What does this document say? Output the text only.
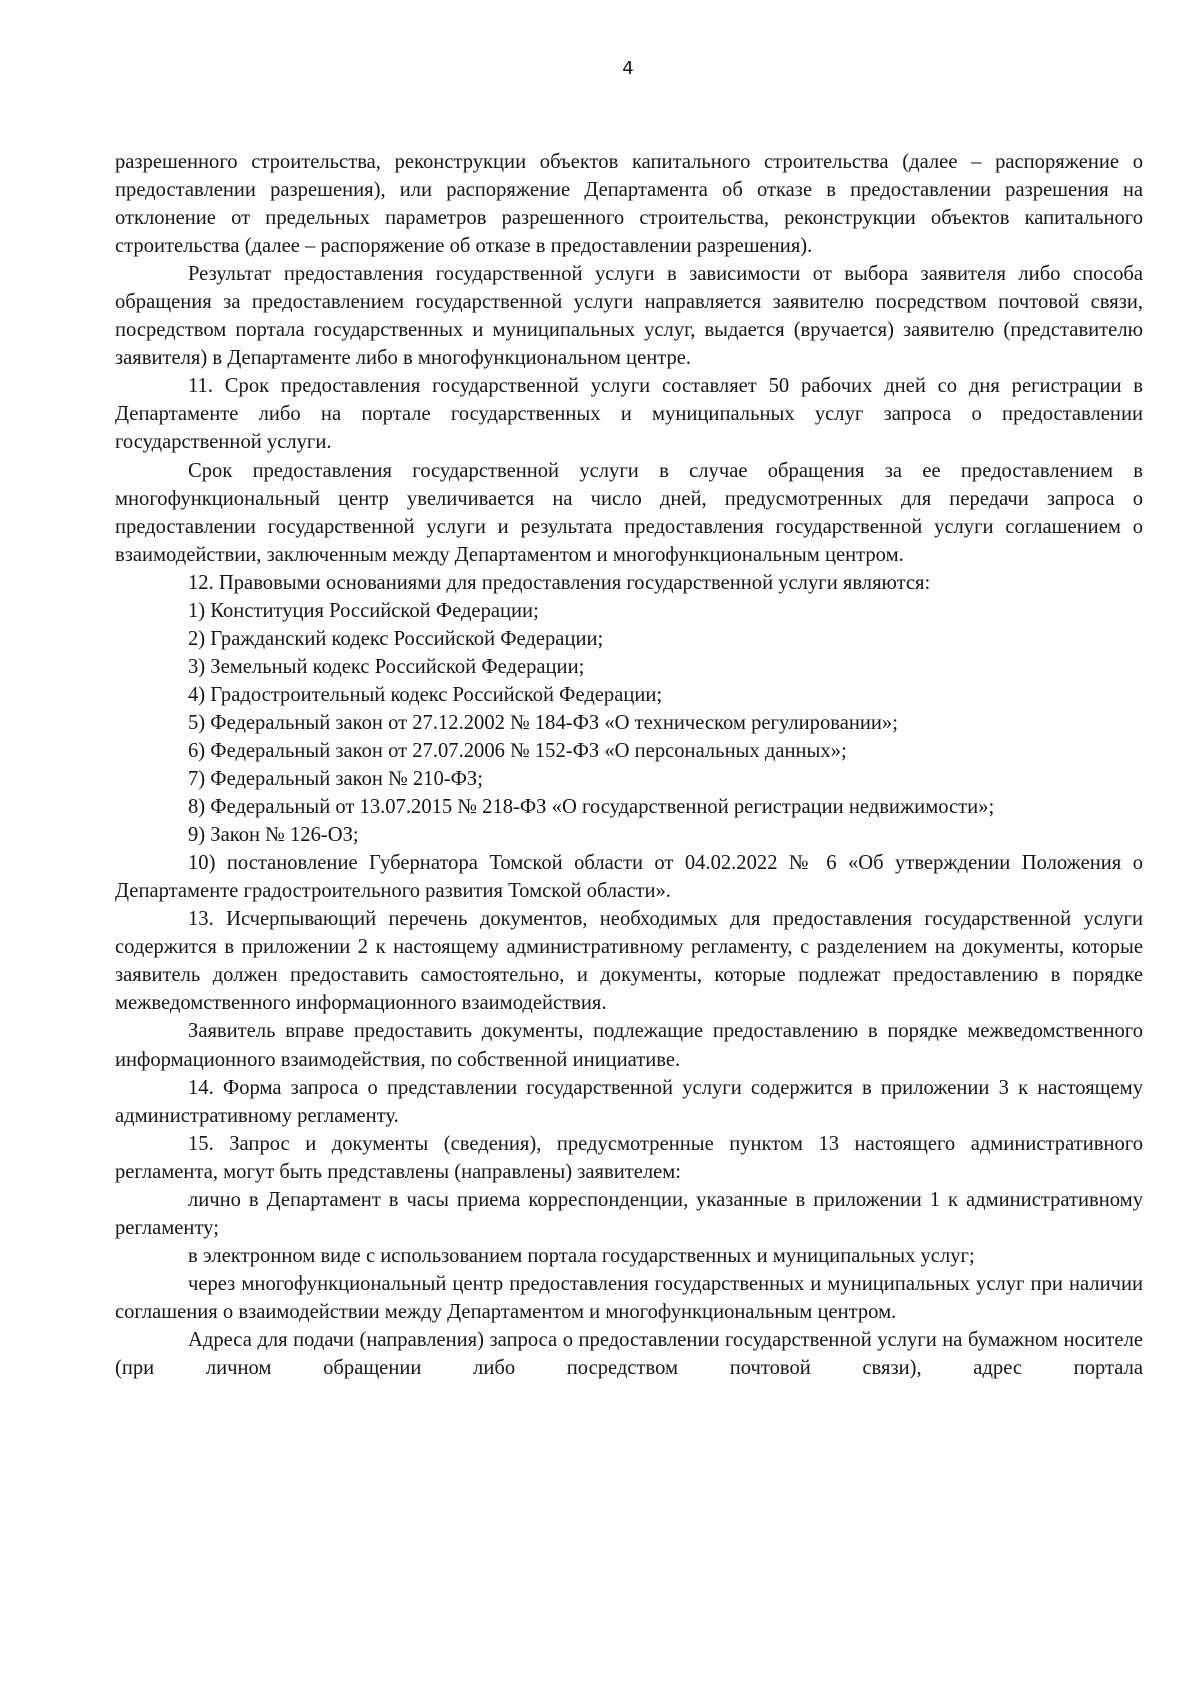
4

разрешенного строительства, реконструкции объектов капитального строительства (далее – распоряжение о предоставлении разрешения), или распоряжение Департамента об отказе в предоставлении разрешения на отклонение от предельных параметров разрешенного строительства, реконструкции объектов капитального строительства (далее – распоряжение об отказе в предоставлении разрешения).

Результат предоставления государственной услуги в зависимости от выбора заявителя либо способа обращения за предоставлением государственной услуги направляется заявителю посредством почтовой связи, посредством портала государственных и муниципальных услуг, выдается (вручается) заявителю (представителю заявителя) в Департаменте либо в многофункциональном центре.

11. Срок предоставления государственной услуги составляет 50 рабочих дней со дня регистрации в Департаменте либо на портале государственных и муниципальных услуг запроса о предоставлении государственной услуги.

Срок предоставления государственной услуги в случае обращения за ее предоставлением в многофункциональный центр увеличивается на число дней, предусмотренных для передачи запроса о предоставлении государственной услуги и результата предоставления государственной услуги соглашением о взаимодействии, заключенным между Департаментом и многофункциональным центром.

12. Правовыми основаниями для предоставления государственной услуги являются:

1) Конституция Российской Федерации;

2) Гражданский кодекс Российской Федерации;

3) Земельный кодекс Российской Федерации;

4) Градостроительный кодекс Российской Федерации;

5) Федеральный закон от 27.12.2002 № 184-ФЗ «О техническом регулировании»;

6) Федеральный закон от 27.07.2006 № 152-ФЗ «О персональных данных»;

7) Федеральный закон № 210-ФЗ;

8) Федеральный от 13.07.2015 № 218-ФЗ «О государственной регистрации недвижимости»;

9) Закон № 126-ОЗ;

10) постановление Губернатора Томской области от 04.02.2022 № 6 «Об утверждении Положения о Департаменте градостроительного развития Томской области».

13. Исчерпывающий перечень документов, необходимых для предоставления государственной услуги содержится в приложении 2 к настоящему административному регламенту, с разделением на документы, которые заявитель должен предоставить самостоятельно, и документы, которые подлежат предоставлению в порядке межведомственного информационного взаимодействия.

Заявитель вправе предоставить документы, подлежащие предоставлению в порядке межведомственного информационного взаимодействия, по собственной инициативе.

14. Форма запроса о представлении государственной услуги содержится в приложении 3 к настоящему административному регламенту.

15. Запрос и документы (сведения), предусмотренные пунктом 13 настоящего административного регламента, могут быть представлены (направлены) заявителем:

лично в Департамент в часы приема корреспонденции, указанные в приложении 1 к административному регламенту;

в электронном виде с использованием портала государственных и муниципальных услуг;

через многофункциональный центр предоставления государственных и муниципальных услуг при наличии соглашения о взаимодействии между Департаментом и многофункциональным центром.

Адреса для подачи (направления) запроса о предоставлении государственной услуги на бумажном носителе (при личном обращении либо посредством почтовой связи), адрес портала
